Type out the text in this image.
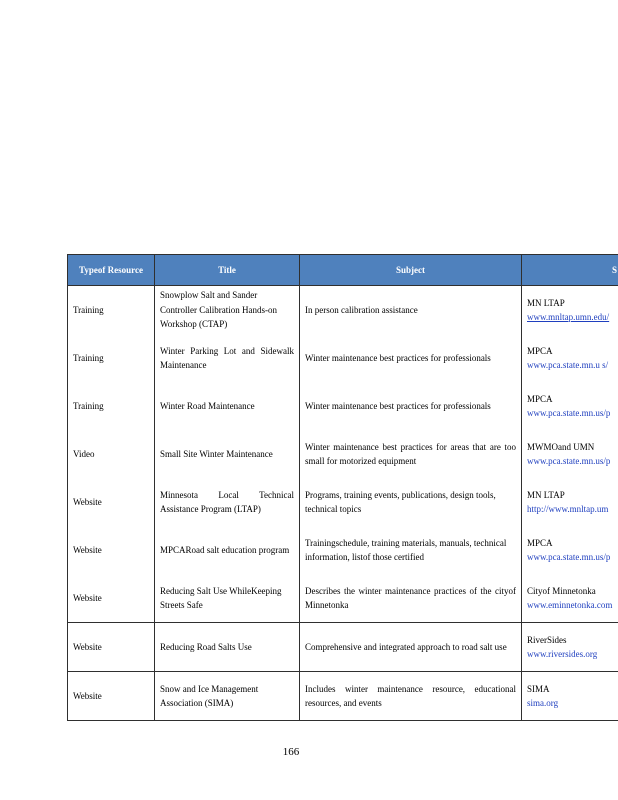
Typeof Resource	Title	Subject	S
Training	Snowplow Salt and Sander Controller Calibration Hands-on Workshop (CTAP)	In person calibration assistance	MN LTAP
www.mnltap.umn.edu/

Training	Winter Parking Lot and Sidewalk Maintenance	Winter maintenance best practices for professionals	MPCA
www.pca.state.mn.u s/

Training	Winter Road Maintenance	Winter maintenance best practices for professionals	MPCA
www.pca.state.mn.us/p

Video	Small Site Winter Maintenance	Winter maintenance best practices for areas that are too small for motorized equipment	MWMOand UMN
www.pca.state.mn.us/p

Website	Minnesota Local Technical Assistance Program (LTAP)	Programs, training events, publications, design tools, technical topics	MN LTAP
http://www.mnltap.um

Website	MPCARoad salt education program	Trainingschedule, training materials, manuals, technical information, listof those certified	MPCA
www.pca.state.mn.us/p

Website	Reducing Salt Use WhileKeeping Streets Safe	Describes the winter maintenance practices of the cityof Minnetonka	Cityof Minnetonka
www.eminnetonka.com

Website	Reducing Road Salts Use	Comprehensive and integrated approach to road salt use	RiverSides
www.riversides.org

Website	Snow and Ice Management Association (SIMA)	Includes winter maintenance resource, educational resources, and events	SIMA
sima.org
166
